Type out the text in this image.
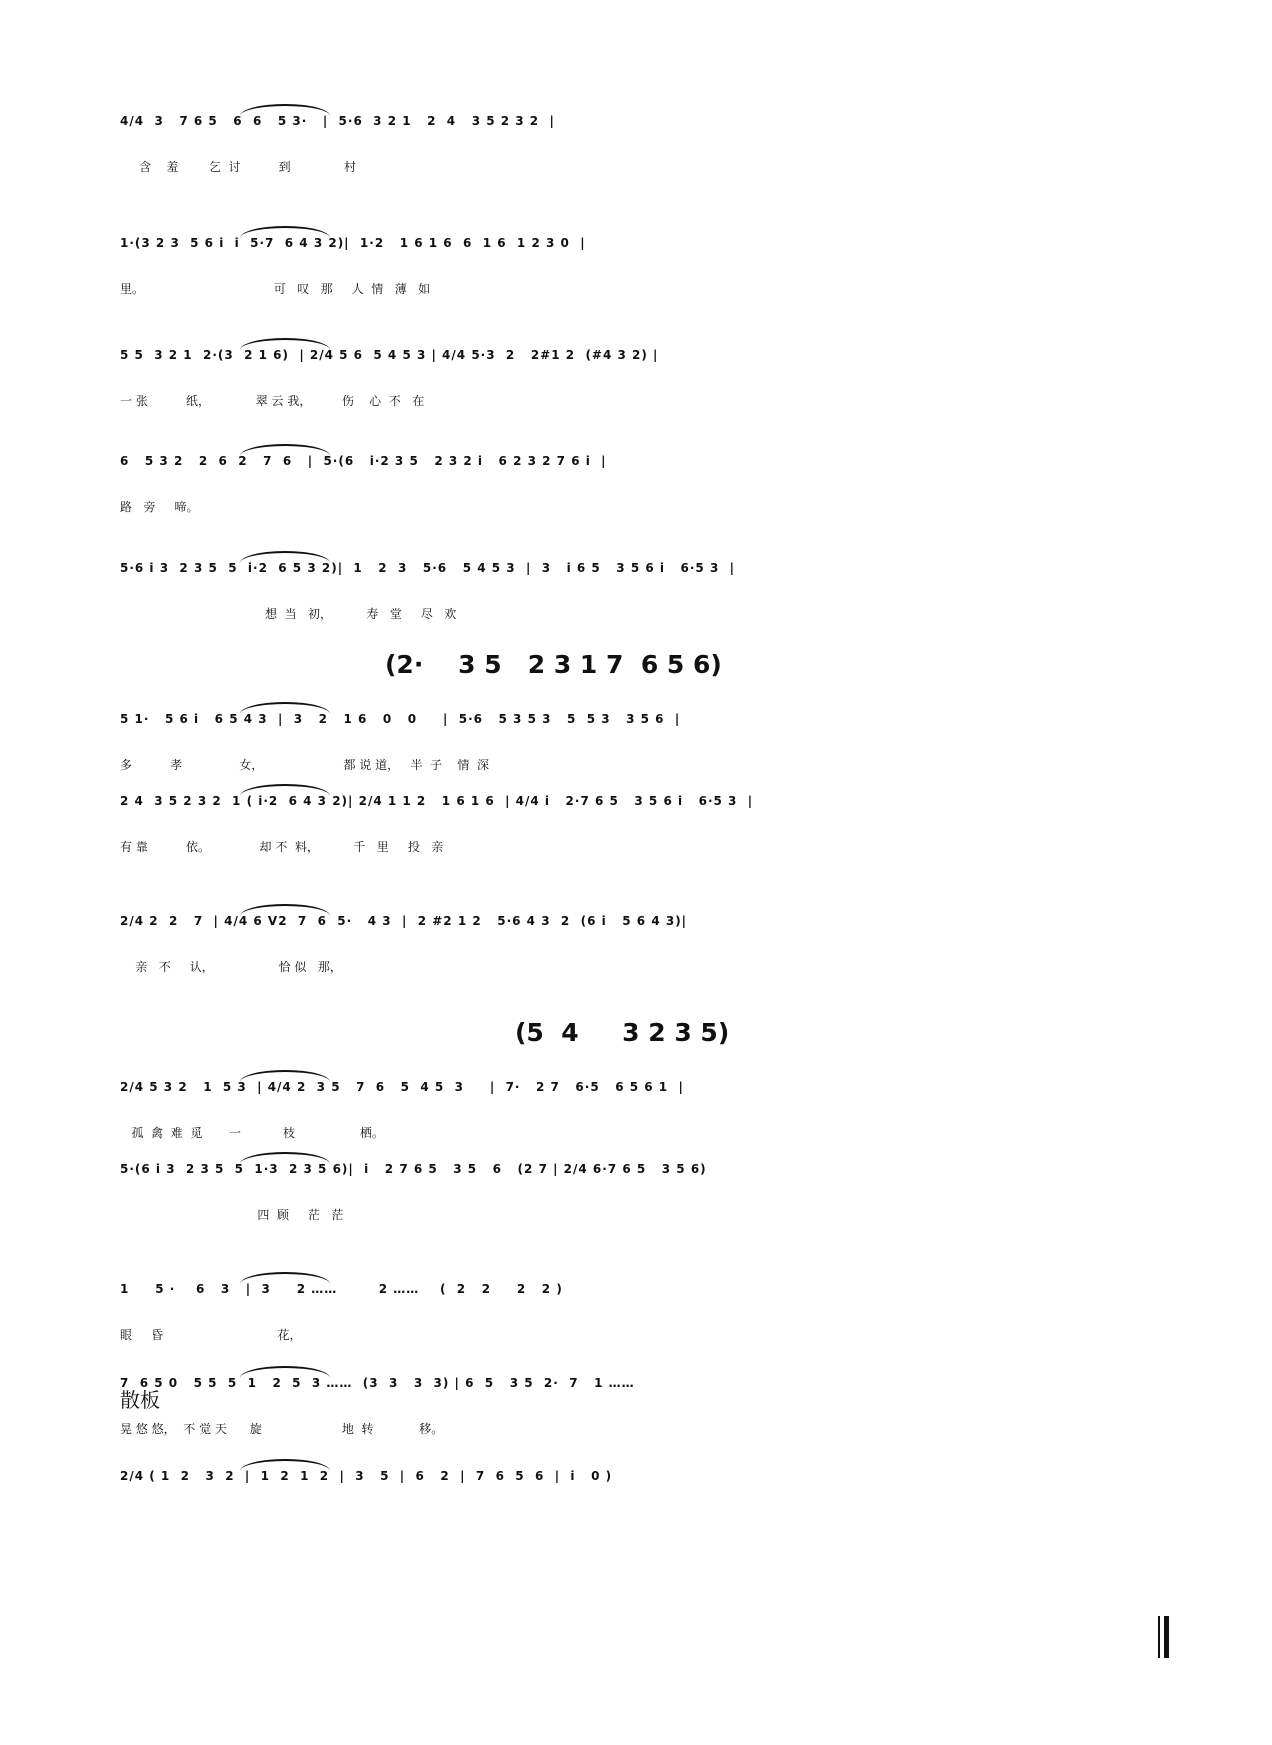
4/4  3   7 6 5   6  6   5 3·   |  5·6  3 2 1   2  4   3 5 2 3 2  |
含    羞        乞  讨          到              村
1·(3 2 3  5 6 i  i  5·7  6 4 3 2)|  1·2   1 6 1 6  6  1 6  1 2 3 0  |
里。                                  可   叹   那     人  情   薄   如
5 5  3 2 1  2·(3  2 1 6)  | 2/4 5 6  5 4 5 3 | 4/4 5·3  2   2#1 2  (#4 3 2) |
一 张          纸，            翠 云 我，        伤    心  不   在
6   5 3 2   2  6  2   7  6   |  5·(6   i·2 3 5   2 3 2 i   6 2 3 2 7 6 i  |
路   旁     啼。
5·6 i 3  2 3 5  5  i·2  6 5 3 2)|  1   2  3   5·6   5 4 5 3  |  3   i 6 5   3 5 6 i   6·5 3  |
想  当   初，         寿   堂     尽   欢
(2·    3 5   2 3 1 7  6 5 6)
5 1·   5 6 i   6 5 4 3  |  3   2   1 6   0   0     |  5·6   5 3 5 3   5  5 3   3 5 6  |
多          孝               女，                     都 说 道，   半  子    情  深
2 4  3 5 2 3 2  1 ( i·2  6 4 3 2)| 2/4 1 1 2   1 6 1 6  | 4/4 i   2·7 6 5   3 5 6 i   6·5 3  |
有 靠          依。             却 不  料，         千   里     投   亲
2/4 2  2   7  | 4/4 6 V2  7  6  5·   4 3  |  2 #2 1 2   5·6 4 3  2  (6 i   5 6 4 3)|
亲   不     认，                 恰 似   那，
(5  4     3 2 3 5)
2/4 5 3 2   1  5 3  | 4/4 2  3 5   7  6   5  4 5  3     |  7·   2 7   6·5   6 5 6 1  |
孤  禽  难  觅       一           枝                 栖。
5·(6 i 3  2 3 5  5  1·3  2 3 5 6)|  i   2 7 6 5   3 5   6   (2 7 | 2/4 6·7 6 5   3 5 6)
四  顾     茫   茫
1     5 ·    6   3   |  3     2 ……        2 ……    (  2   2     2   2 )
眼     昏                              花，
7  6 5 0   5 5  5  1   2  5  3 ……  (3  3   3  3) | 6  5   3 5  2·  7   1 ……
晃 悠 悠，  不 觉 天      旋                     地  转            移。
2/4 ( 1  2   3  2  |  1  2  1  2  |  3   5  |  6   2  |  7  6  5  6  |  i   0 )
散板
